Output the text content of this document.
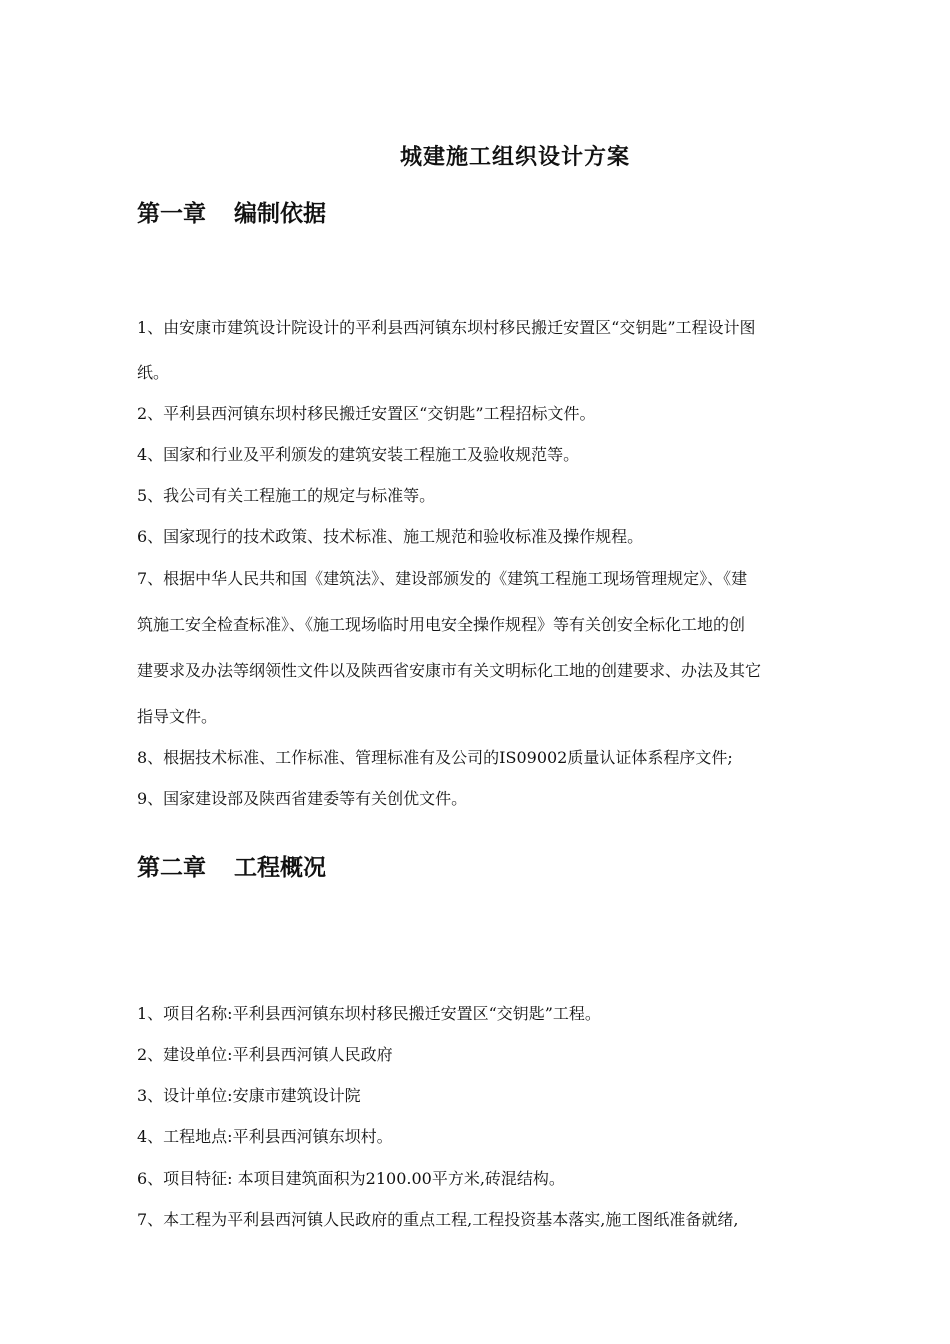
城建施工组织设计方案
第一章 编制依据

1、由安康市建筑设计院设计的平利县西河镇东坝村移民搬迁安置区“交钥匙”工程设计图

纸。

2、平利县西河镇东坝村移民搬迁安置区“交钥匙”工程招标文件。

4、国家和行业及平利颁发的建筑安装工程施工及验收规范等。

5、我公司有关工程施工的规定与标准等。

6、国家现行的技术政策、技术标准、施工规范和验收标准及操作规程。

7、根据中华人民共和国《建筑法》、建设部颁发的《建筑工程施工现场管理规定》、《建

筑施工安全检查标准》、《施工现场临时用电安全操作规程》等有关创安全标化工地的创

建要求及办法等纲领性文件以及陕西省安康市有关文明标化工地的创建要求、办法及其它

指导文件。

8、根据技术标准、工作标准、管理标准有及公司的IS09002质量认证体系程序文件;

9、国家建设部及陕西省建委等有关创优文件。

第二章 工程概况

1、项目名称:平利县西河镇东坝村移民搬迁安置区“交钥匙”工程。

2、建设单位:平利县西河镇人民政府

3、设计单位:安康市建筑设计院

4、工程地点:平利县西河镇东坝村。

6、项目特征: 本项目建筑面积为2100.00平方米,砖混结构。

7、本工程为平利县西河镇人民政府的重点工程,工程投资基本落实,施工图纸准备就绪,
